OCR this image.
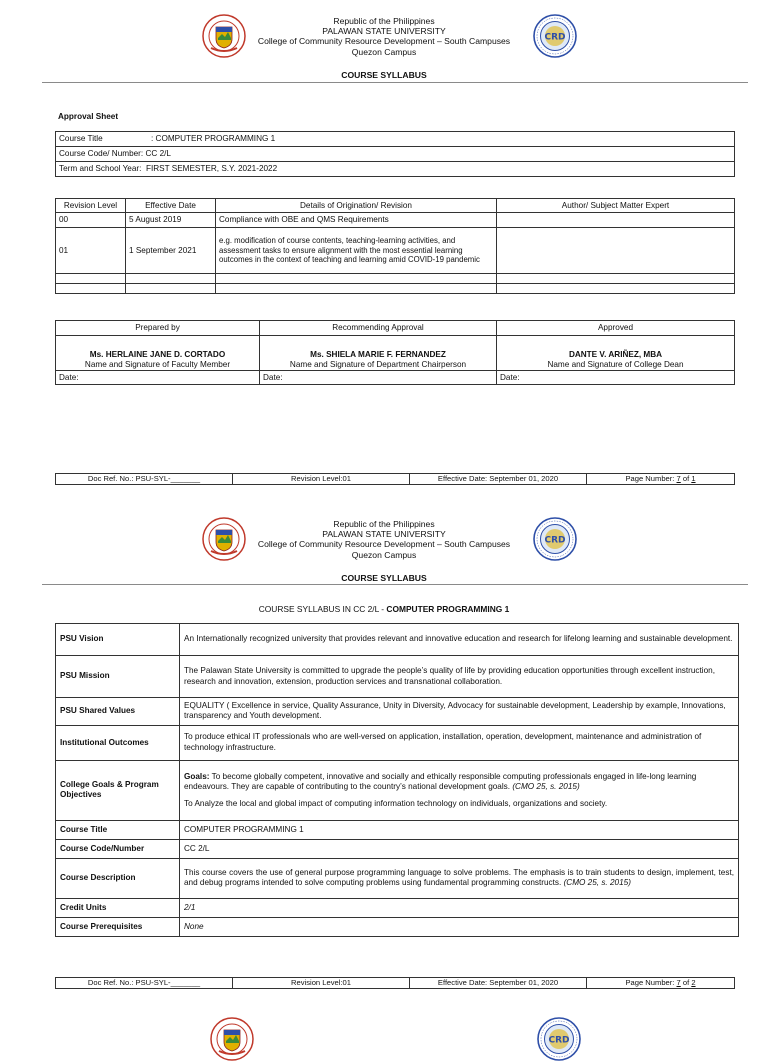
Republic of the Philippines
PALAWAN STATE UNIVERSITY
College of Community Resource Development – South Campuses
Quezon Campus
COURSE SYLLABUS
Approval Sheet
Course Title	: COMPUTER PROGRAMMING 1
Course Code/ Number: CC 2/L
Term and School Year: FIRST SEMESTER, S.Y. 2021-2022
Revision Level	Effective Date	Details of Origination/ Revision	Author/ Subject Matter Expert
00	5 August 2019	Compliance with OBE and QMS Requirements	
01	1 September 2021	e.g. modification of course contents, teaching-learning activities, and assessment tasks to ensure alignment with the most essential learning outcomes in the context of teaching and learning amid COVID-19 pandemic	

Prepared by	Recommending Approval	Approved
Ms. HERLAINE JANE D. CORTADO	Ms. SHIELA MARIE F. FERNANDEZ	DANTE V. ARIÑEZ, MBA
Name and Signature of Faculty Member	Name and Signature of Department Chairperson	Name and Signature of College Dean
Date:	Date:	Date:
Doc Ref. No.: PSU-SYL-_______	Revision Level:01	Effective Date: September 01, 2020	Page Number: 7 of 1
Republic of the Philippines
PALAWAN STATE UNIVERSITY
College of Community Resource Development – South Campuses
Quezon Campus
COURSE SYLLABUS
COURSE SYLLABUS IN CC 2/L - COMPUTER PROGRAMMING 1
PSU Vision	An Internationally recognized university that provides relevant and innovative education and research for lifelong learning and sustainable development.
PSU Mission	The Palawan State University is committed to upgrade the people’s quality of life by providing education opportunities through excellent instruction, research and innovation, extension, production services and transnational collaboration.
PSU Shared Values	EQUALITY ( Excellence in service, Quality Assurance, Unity in Diversity, Advocacy for sustainable development, Leadership by example, Innovations, transparency and Youth development.
Institutional Outcomes	To produce ethical IT professionals who are well-versed on application, installation, operation, development, maintenance and administration of technology infrastructure.
College Goals & Program Objectives	Goals: To become globally competent, innovative and socially and ethically responsible computing professionals engaged in life-long learning endeavours. They are capable of contributing to the country’s national development goals. (CMO 25, s. 2015)

To Analyze the local and global impact of computing information technology on individuals, organizations and society.

Course Title	COMPUTER PROGRAMMING 1
Course Code/Number	CC 2/L
Course Description	This course covers the use of general purpose programming language to solve problems. The emphasis is to train students to design, implement, test, and debug programs intended to solve computing problems using fundamental programming constructs. (CMO 25, s. 2015)
Credit Units	2/1
Course Prerequisites	None
Doc Ref. No.: PSU-SYL-_______	Revision Level:01	Effective Date: September 01, 2020	Page Number: 7 of 2
